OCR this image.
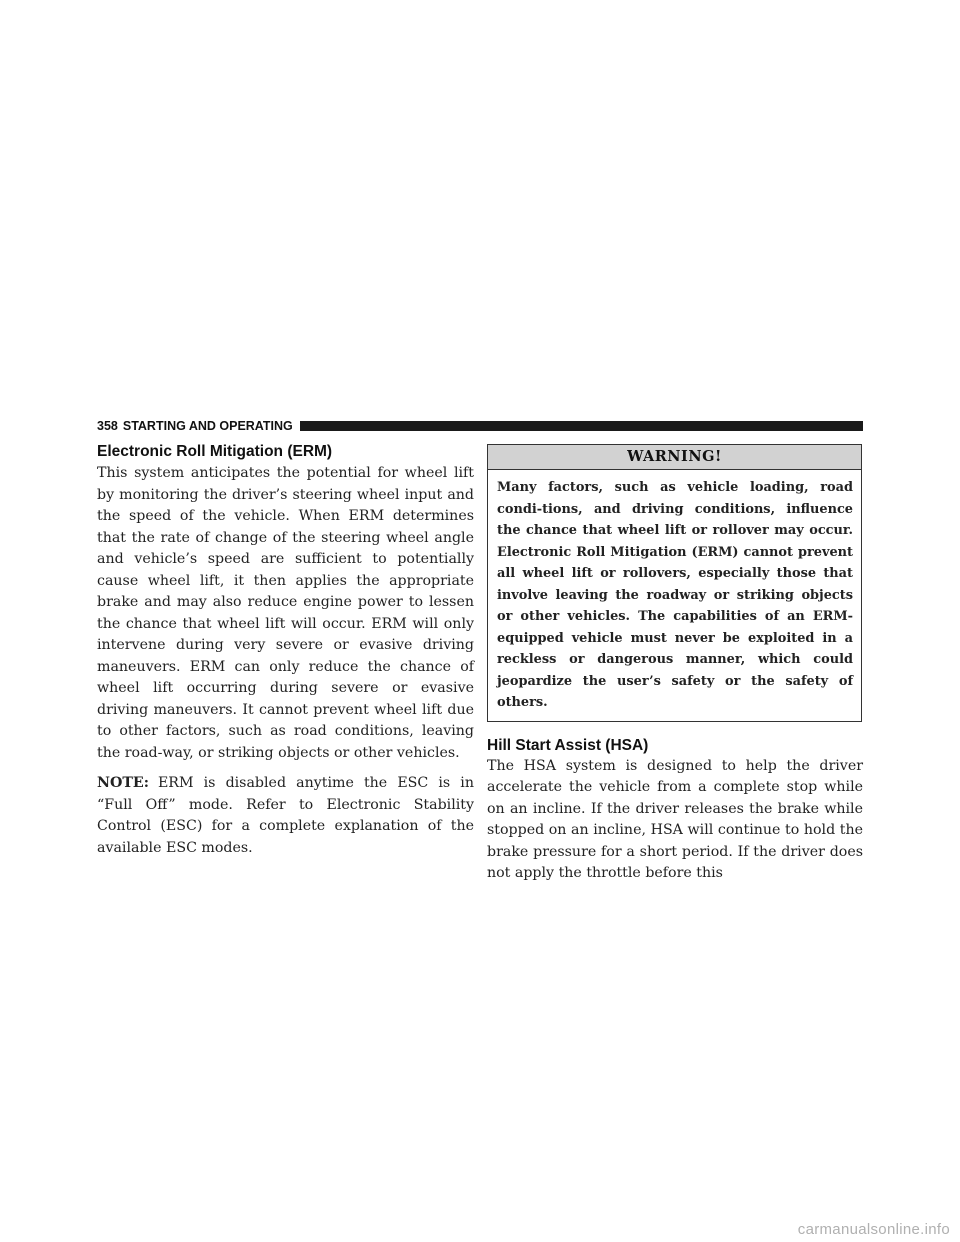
358 STARTING AND OPERATING
Electronic Roll Mitigation (ERM)

This system anticipates the potential for wheel lift by monitoring the driver’s steering wheel input and the speed of the vehicle. When ERM determines that the rate of change of the steering wheel angle and vehicle’s speed are sufficient to potentially cause wheel lift, it then applies the appropriate brake and may also reduce engine power to lessen the chance that wheel lift will occur. ERM will only intervene during very severe or evasive driving maneuvers. ERM can only reduce the chance of wheel lift occurring during severe or evasive driving maneuvers. It cannot prevent wheel lift due to other factors, such as road conditions, leaving the road-way, or striking objects or other vehicles.

NOTE: ERM is disabled anytime the ESC is in “Full Off” mode. Refer to Electronic Stability Control (ESC) for a complete explanation of the available ESC modes.

WARNING!

Many factors, such as vehicle loading, road condi-tions, and driving conditions, influence the chance that wheel lift or rollover may occur. Electronic Roll Mitigation (ERM) cannot prevent all wheel lift or rollovers, especially those that involve leaving the roadway or striking objects or other vehicles. The capabilities of an ERM-equipped vehicle must never be exploited in a reckless or dangerous manner, which could jeopardize the user’s safety or the safety of others.

Hill Start Assist (HSA)

The HSA system is designed to help the driver accelerate the vehicle from a complete stop while on an incline. If the driver releases the brake while stopped on an incline, HSA will continue to hold the brake pressure for a short period. If the driver does not apply the throttle before this

carmanualsonline.info
